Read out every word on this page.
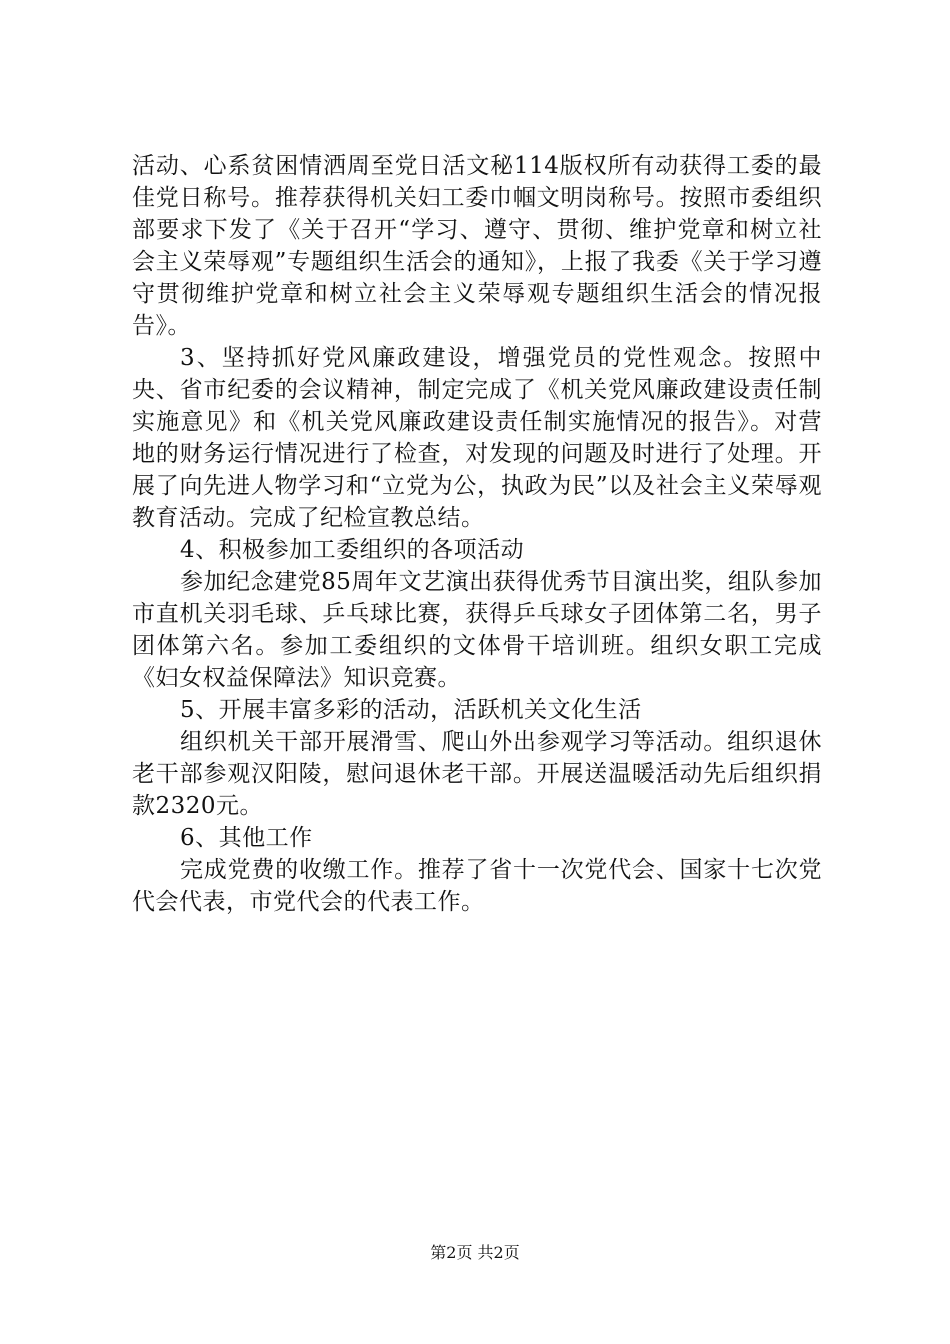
活动、心系贫困情洒周至党日活文秘114版权所有动获得工委的最佳党日称号。推荐获得机关妇工委巾帼文明岗称号。按照市委组织部要求下发了《关于召开“学习、遵守、贯彻、维护党章和树立社会主义荣辱观”专题组织生活会的通知》，上报了我委《关于学习遵守贯彻维护党章和树立社会主义荣辱观专题组织生活会的情况报告》。

3、坚持抓好党风廉政建设，增强党员的党性观念。按照中央、省市纪委的会议精神，制定完成了《机关党风廉政建设责任制实施意见》和《机关党风廉政建设责任制实施情况的报告》。对营地的财务运行情况进行了检查，对发现的问题及时进行了处理。开展了向先进人物学习和“立党为公，执政为民”以及社会主义荣辱观教育活动。完成了纪检宣教总结。

4、积极参加工委组织的各项活动

参加纪念建党85周年文艺演出获得优秀节目演出奖，组队参加市直机关羽毛球、乒乓球比赛，获得乒乓球女子团体第二名，男子团体第六名。参加工委组织的文体骨干培训班。组织女职工完成《妇女权益保障法》知识竞赛。

5、开展丰富多彩的活动，活跃机关文化生活

组织机关干部开展滑雪、爬山外出参观学习等活动。组织退休老干部参观汉阳陵，慰问退休老干部。开展送温暖活动先后组织捐款2320元。

6、其他工作

完成党费的收缴工作。推荐了省十一次党代会、国家十七次党代会代表，市党代会的代表工作。

第2页 共2页
